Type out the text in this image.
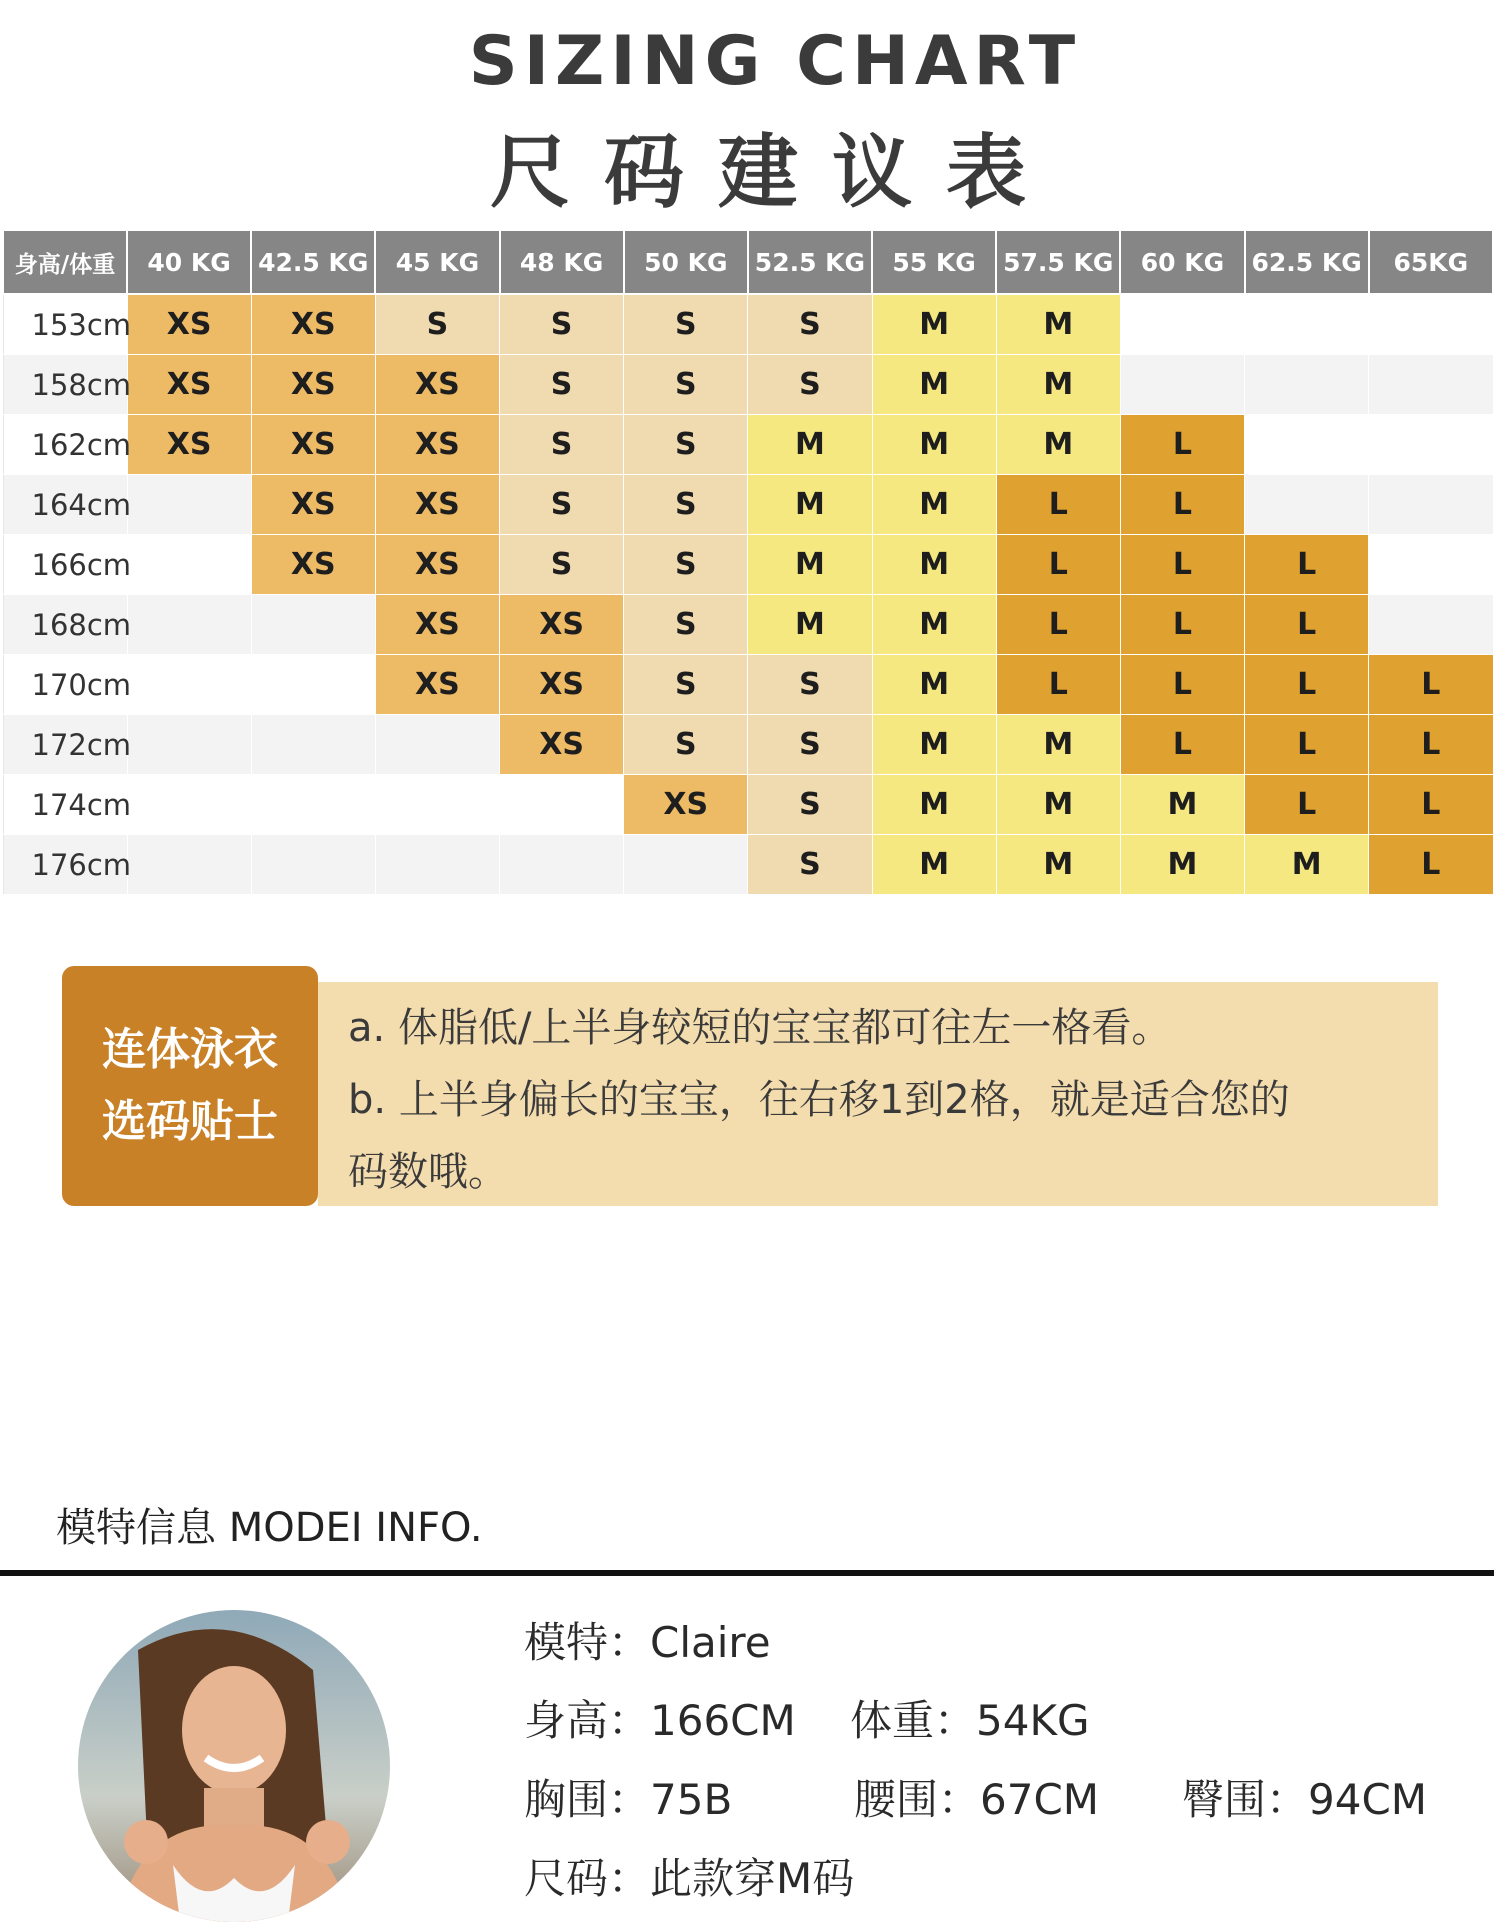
SIZING CHART
尺码建议表
身高/体重	40 KG	42.5 KG	45 KG	48 KG	50 KG	52.5 KG	55 KG	57.5 KG	60 KG	62.5 KG	65KG
153cm	XS	XS	S	S	S	S	M	M			
158cm	XS	XS	XS	S	S	S	M	M			
162cm	XS	XS	XS	S	S	M	M	M	L		
164cm		XS	XS	S	S	M	M	L	L		
166cm		XS	XS	S	S	M	M	L	L	L	
168cm			XS	XS	S	M	M	L	L	L	
170cm			XS	XS	S	S	M	L	L	L	L
172cm				XS	S	S	M	M	L	L	L
174cm					XS	S	M	M	M	L	L
176cm						S	M	M	M	M	L
连体泳衣
选码贴士
a. 体脂低/上半身较短的宝宝都可往左一格看。
b. 上半身偏长的宝宝，往右移1到2格，就是适合您的
码数哦。
模特信息 MODEI INFO.
模特：Claire
身高：166CM 体重：54KG
胸围：75B	腰围：67CM 臀围：94CM
尺码：此款穿M码
